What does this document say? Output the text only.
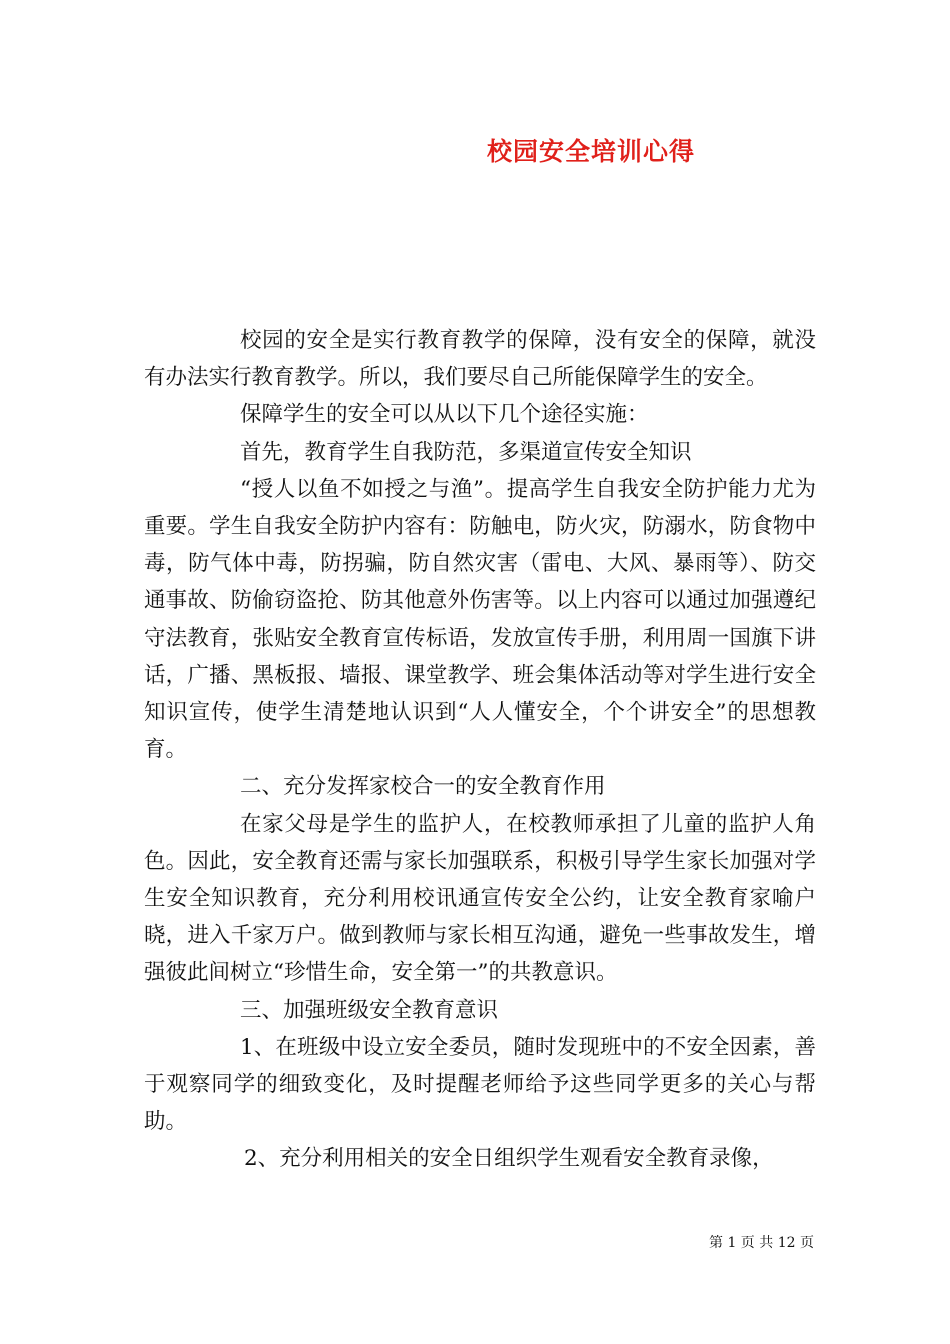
校园安全培训心得

校园的安全是实行教育教学的保障，没有安全的保障，就没有办法实行教育教学。所以，我们要尽自己所能保障学生的安全。

保障学生的安全可以从以下几个途径实施：

首先，教育学生自我防范，多渠道宣传安全知识

“授人以鱼不如授之与渔”。提高学生自我安全防护能力尤为重要。学生自我安全防护内容有：防触电，防火灾，防溺水，防食物中毒，防气体中毒，防拐骗，防自然灾害（雷电、大风、暴雨等）、防交通事故、防偷窃盗抢、防其他意外伤害等。以上内容可以通过加强遵纪守法教育，张贴安全教育宣传标语，发放宣传手册，利用周一国旗下讲话，广播、黑板报、墙报、课堂教学、班会集体活动等对学生进行安全知识宣传，使学生清楚地认识到“人人懂安全，个个讲安全”的思想教育。

二、充分发挥家校合一的安全教育作用

在家父母是学生的监护人，在校教师承担了儿童的监护人角色。因此，安全教育还需与家长加强联系，积极引导学生家长加强对学生安全知识教育，充分利用校讯通宣传安全公约，让安全教育家喻户晓，进入千家万户。做到教师与家长相互沟通，避免一些事故发生，增强彼此间树立“珍惜生命，安全第一”的共教意识。

三、加强班级安全教育意识

1、在班级中设立安全委员，随时发现班中的不安全因素，善于观察同学的细致变化，及时提醒老师给予这些同学更多的关心与帮助。

2、充分利用相关的安全日组织学生观看安全教育录像，

第 1 页 共 12 页
